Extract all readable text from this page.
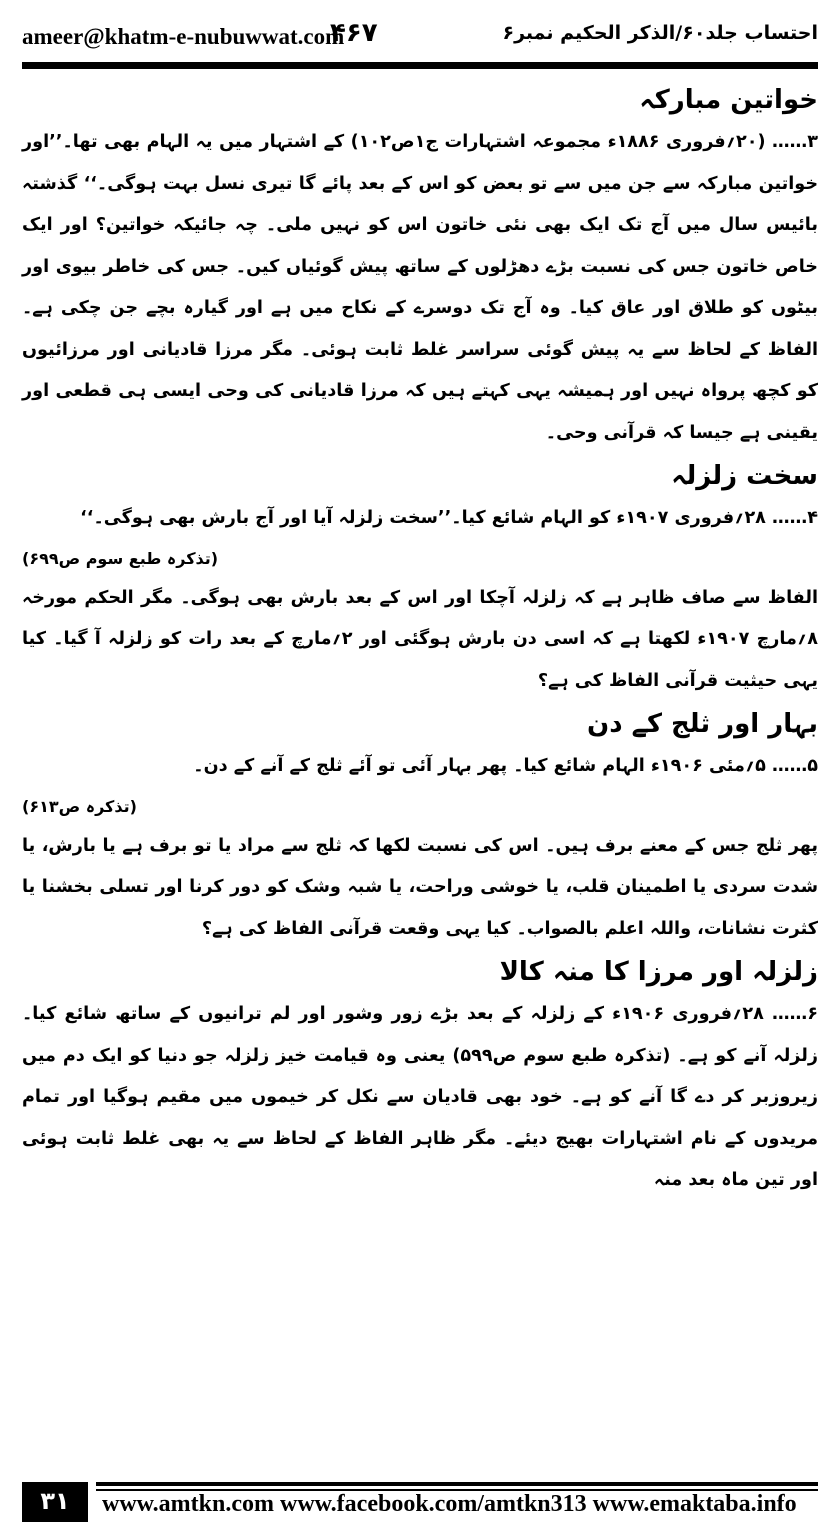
ameer@khatm-e-nubuwwat.com
۴۶۷	احتساب جلد۶۰/الذکر الحکیم نمبر۶
خواتین مبارکہ

۳…… (۲۰؍فروری ۱۸۸۶ء مجموعہ اشتہارات ج۱ص۱۰۲) کے اشتہار میں یہ الہام بھی تھا۔’’اور خواتین مبارکہ سے جن میں سے تو بعض کو اس کے بعد پائے گا تیری نسل بہت ہوگی۔‘‘ گذشتہ بائیس سال میں آج تک ایک بھی نئی خاتون اس کو نہیں ملی۔ چہ جائیکہ خواتین؟ اور ایک خاص خاتون جس کی نسبت بڑے دھڑلوں کے ساتھ پیش گوئیاں کیں۔ جس کی خاطر بیوی اور بیٹوں کو طلاق اور عاق کیا۔ وہ آج تک دوسرے کے نکاح میں ہے اور گیارہ بچے جن چکی ہے۔ الفاظ کے لحاظ سے یہ پیش گوئی سراسر غلط ثابت ہوئی۔ مگر مرزا قادیانی اور مرزائیوں کو کچھ پرواہ نہیں اور ہمیشہ یہی کہتے ہیں کہ مرزا قادیانی کی وحی ایسی ہی قطعی اور یقینی ہے جیسا کہ قرآنی وحی۔

سخت زلزلہ

۴…… ۲۸؍فروری ۱۹۰۷ء کو الہام شائع کیا۔’’سخت زلزلہ آیا اور آج بارش بھی ہوگی۔‘‘

(تذکرہ طبع سوم ص۶۹۹)

الفاظ سے صاف ظاہر ہے کہ زلزلہ آچکا اور اس کے بعد بارش بھی ہوگی۔ مگر الحکم مورخہ ۸؍مارچ ۱۹۰۷ء لکھتا ہے کہ اسی دن بارش ہوگئی اور ۲؍مارچ کے بعد رات کو زلزلہ آ گیا۔ کیا یہی حیثیت قرآنی الفاظ کی ہے؟

بہار اور ثلج کے دن

۵…… ۵؍مئی ۱۹۰۶ء الہام شائع کیا۔ پھر بہار آئی تو آئے ثلج کے آنے کے دن۔

(تذکرہ ص۶۱۳)

پھر ثلج جس کے معنے برف ہیں۔ اس کی نسبت لکھا کہ ثلج سے مراد یا تو برف ہے یا بارش، یا شدت سردی یا اطمینان قلب، یا خوشی وراحت، یا شبہ وشک کو دور کرنا اور تسلی بخشنا یا کثرت نشانات، واللہ اعلم بالصواب۔ کیا یہی وقعت قرآنی الفاظ کی ہے؟

زلزلہ اور مرزا کا منہ کالا

۶…… ۲۸؍فروری ۱۹۰۶ء کے زلزلہ کے بعد بڑے زور وشور اور لم ترانیوں کے ساتھ شائع کیا۔ زلزلہ آنے کو ہے۔ (تذکرہ طبع سوم ص۵۹۹) یعنی وہ قیامت خیز زلزلہ جو دنیا کو ایک دم میں زیروزبر کر دے گا آنے کو ہے۔ خود بھی قادیان سے نکل کر خیموں میں مقیم ہوگیا اور تمام مریدوں کے نام اشتہارات بھیج دیئے۔ مگر ظاہر الفاظ کے لحاظ سے یہ بھی غلط ثابت ہوئی اور تین ماہ بعد منہ

۳۱	www.amtkn.com www.facebook.com/amtkn313 www.emaktaba.info
